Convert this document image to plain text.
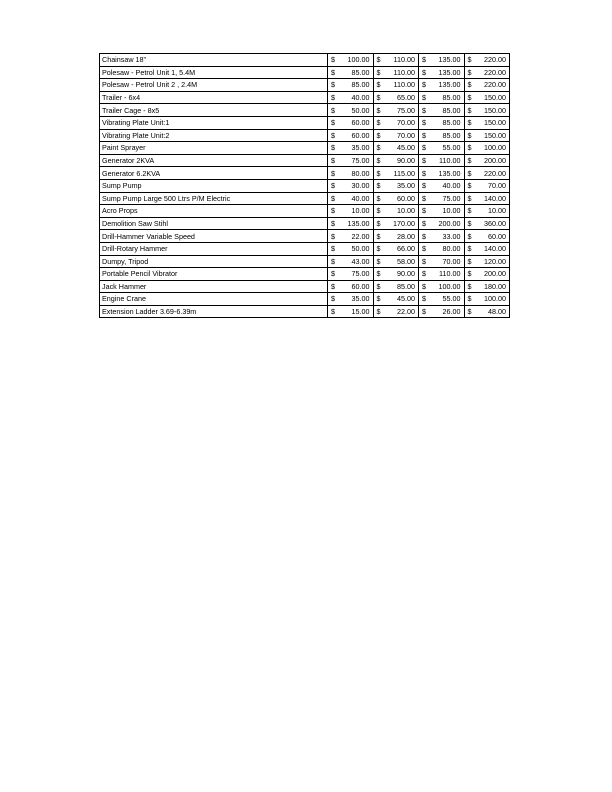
Chainsaw 18"	$ 100.00	$ 110.00	$ 135.00	$ 220.00

Polesaw - Petrol Unit 1, 5.4M	$ 85.00	$ 110.00	$ 135.00	$ 220.00

Polesaw - Petrol Unit 2 , 2.4M	$ 85.00	$ 110.00	$ 135.00	$ 220.00

Trailer - 6x4	$ 40.00	$ 65.00	$ 85.00	$ 150.00

Trailer Cage - 8x5	$ 50.00	$ 75.00	$ 85.00	$ 150.00

Vibrating Plate Unit:1	$ 60.00	$ 70.00	$ 85.00	$ 150.00

Vibrating Plate Unit:2	$ 60.00	$ 70.00	$ 85.00	$ 150.00

Paint Sprayer	$ 35.00	$ 45.00	$ 55.00	$ 100.00

Generator 2KVA	$ 75.00	$ 90.00	$ 110.00	$ 200.00

Generator 6.2KVA	$ 80.00	$ 115.00	$ 135.00	$ 220.00

Sump Pump	$ 30.00	$ 35.00	$ 40.00	$ 70.00

Sump Pump Large 500 Ltrs P/M Electric	$ 40.00	$ 60.00	$ 75.00	$ 140.00

Acro Props	$ 10.00	$ 10.00	$ 10.00	$ 10.00

Demolition Saw Stihl	$ 135.00	$ 170.00	$ 200.00	$ 360.00

Drill-Hammer Variable Speed	$ 22.00	$ 28.00	$ 33.00	$ 60.00

Drill-Rotary Hammer	$ 50.00	$ 66.00	$ 80.00	$ 140.00

Dumpy, Tripod	$ 43.00	$ 58.00	$ 70.00	$ 120.00

Portable Pencil Vibrator	$ 75.00	$ 90.00	$ 110.00	$ 200.00

Jack Hammer	$ 60.00	$ 85.00	$ 100.00	$ 180.00

Engine Crane	$ 35.00	$ 45.00	$ 55.00	$ 100.00

Extension Ladder 3.69-6.39m	$ 15.00	$ 22.00	$ 26.00	$ 48.00
